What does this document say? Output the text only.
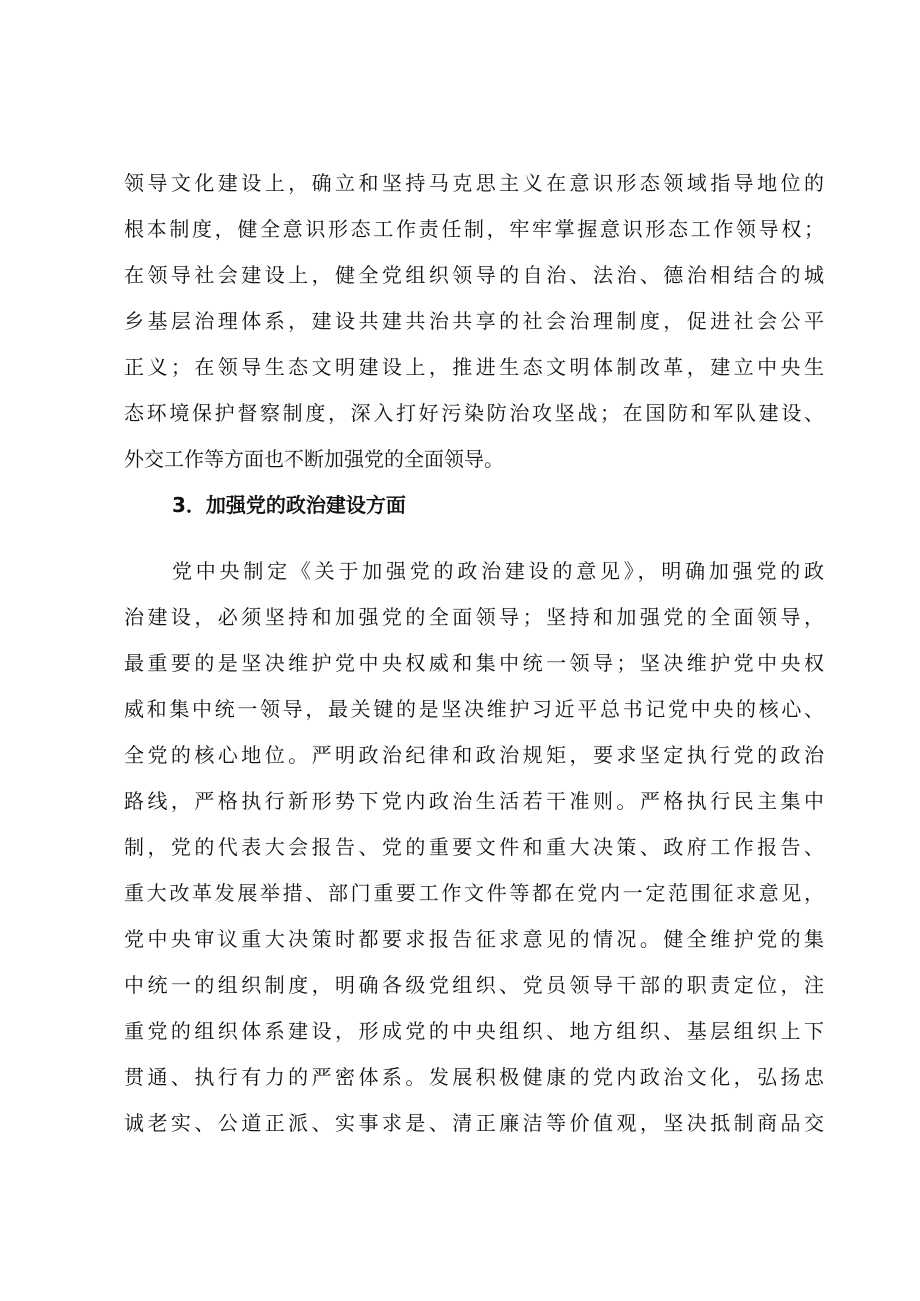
领导文化建设上，确立和坚持马克思主义在意识形态领域指导地位的
根本制度，健全意识形态工作责任制，牢牢掌握意识形态工作领导权；
在领导社会建设上，健全党组织领导的自治、法治、德治相结合的城
乡基层治理体系，建设共建共治共享的社会治理制度，促进社会公平
正义；在领导生态文明建设上，推进生态文明体制改革，建立中央生
态环境保护督察制度，深入打好污染防治攻坚战；在国防和军队建设、
外交工作等方面也不断加强党的全面领导。
3．加强党的政治建设方面
党中央制定《关于加强党的政治建设的意见》，明确加强党的政
治建设，必须坚持和加强党的全面领导；坚持和加强党的全面领导，
最重要的是坚决维护党中央权威和集中统一领导；坚决维护党中央权
威和集中统一领导，最关键的是坚决维护习近平总书记党中央的核心、
全党的核心地位。严明政治纪律和政治规矩，要求坚定执行党的政治
路线，严格执行新形势下党内政治生活若干准则。严格执行民主集中
制，党的代表大会报告、党的重要文件和重大决策、政府工作报告、
重大改革发展举措、部门重要工作文件等都在党内一定范围征求意见，
党中央审议重大决策时都要求报告征求意见的情况。健全维护党的集
中统一的组织制度，明确各级党组织、党员领导干部的职责定位，注
重党的组织体系建设，形成党的中央组织、地方组织、基层组织上下
贯通、执行有力的严密体系。发展积极健康的党内政治文化，弘扬忠
诚老实、公道正派、实事求是、清正廉洁等价值观，坚决抵制商品交
